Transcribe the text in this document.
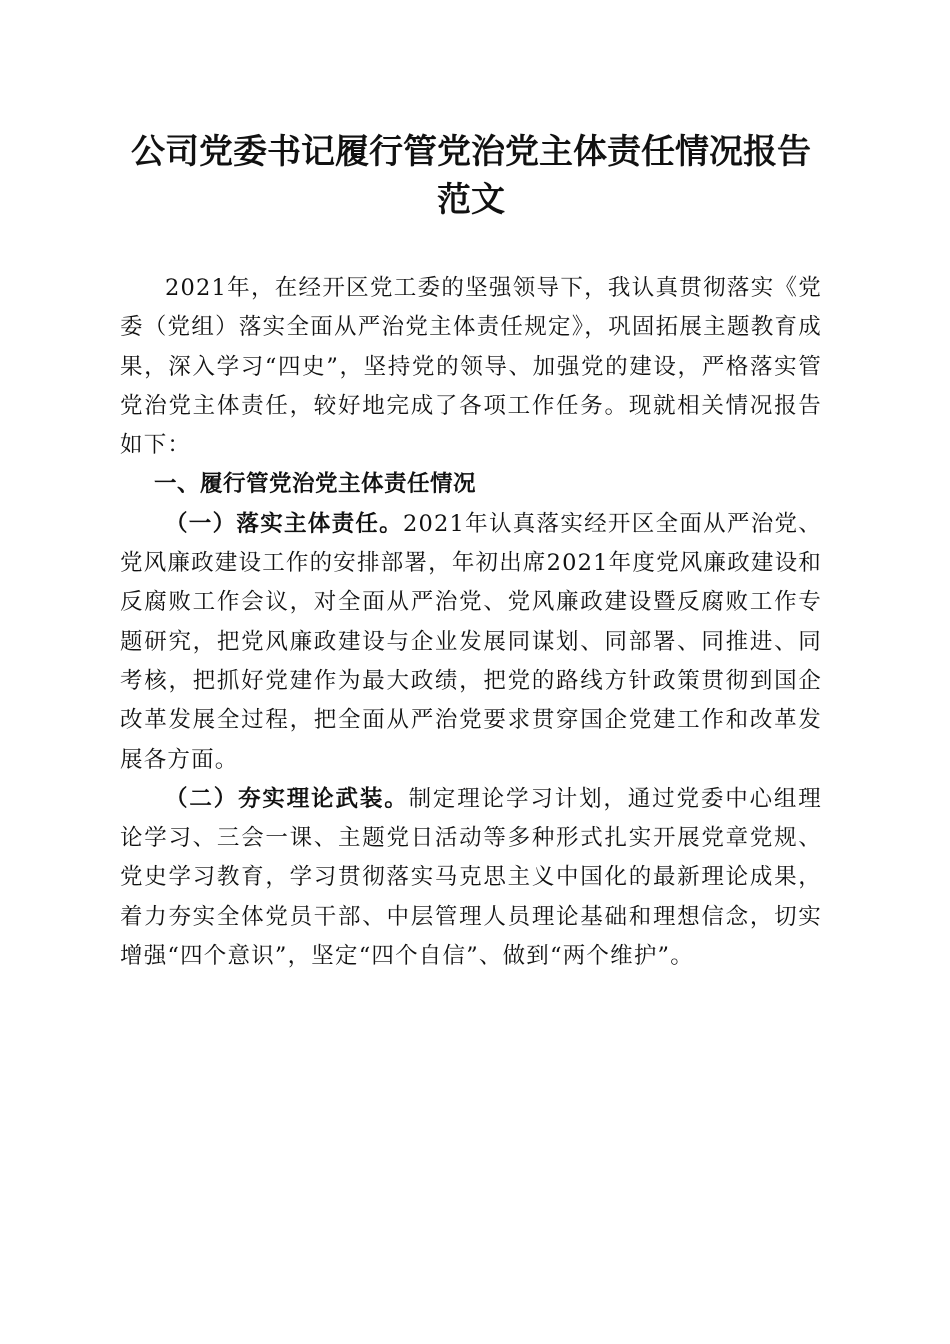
公司党委书记履行管党治党主体责任情况报告
范文

2021年，在经开区党工委的坚强领导下，我认真贯彻落实《党委（党组）落实全面从严治党主体责任规定》，巩固拓展主题教育成果，深入学习“四史”，坚持党的领导、加强党的建设，严格落实管党治党主体责任，较好地完成了各项工作任务。现就相关情况报告如下：

一、履行管党治党主体责任情况

（一）落实主体责任。2021年认真落实经开区全面从严治党、党风廉政建设工作的安排部署，年初出席2021年度党风廉政建设和反腐败工作会议，对全面从严治党、党风廉政建设暨反腐败工作专题研究，把党风廉政建设与企业发展同谋划、同部署、同推进、同考核，把抓好党建作为最大政绩，把党的路线方针政策贯彻到国企改革发展全过程，把全面从严治党要求贯穿国企党建工作和改革发展各方面。

（二）夯实理论武装。制定理论学习计划，通过党委中心组理论学习、三会一课、主题党日活动等多种形式扎实开展党章党规、党史学习教育，学习贯彻落实马克思主义中国化的最新理论成果，着力夯实全体党员干部、中层管理人员理论基础和理想信念，切实增强“四个意识”，坚定“四个自信”、做到“两个维护”。
